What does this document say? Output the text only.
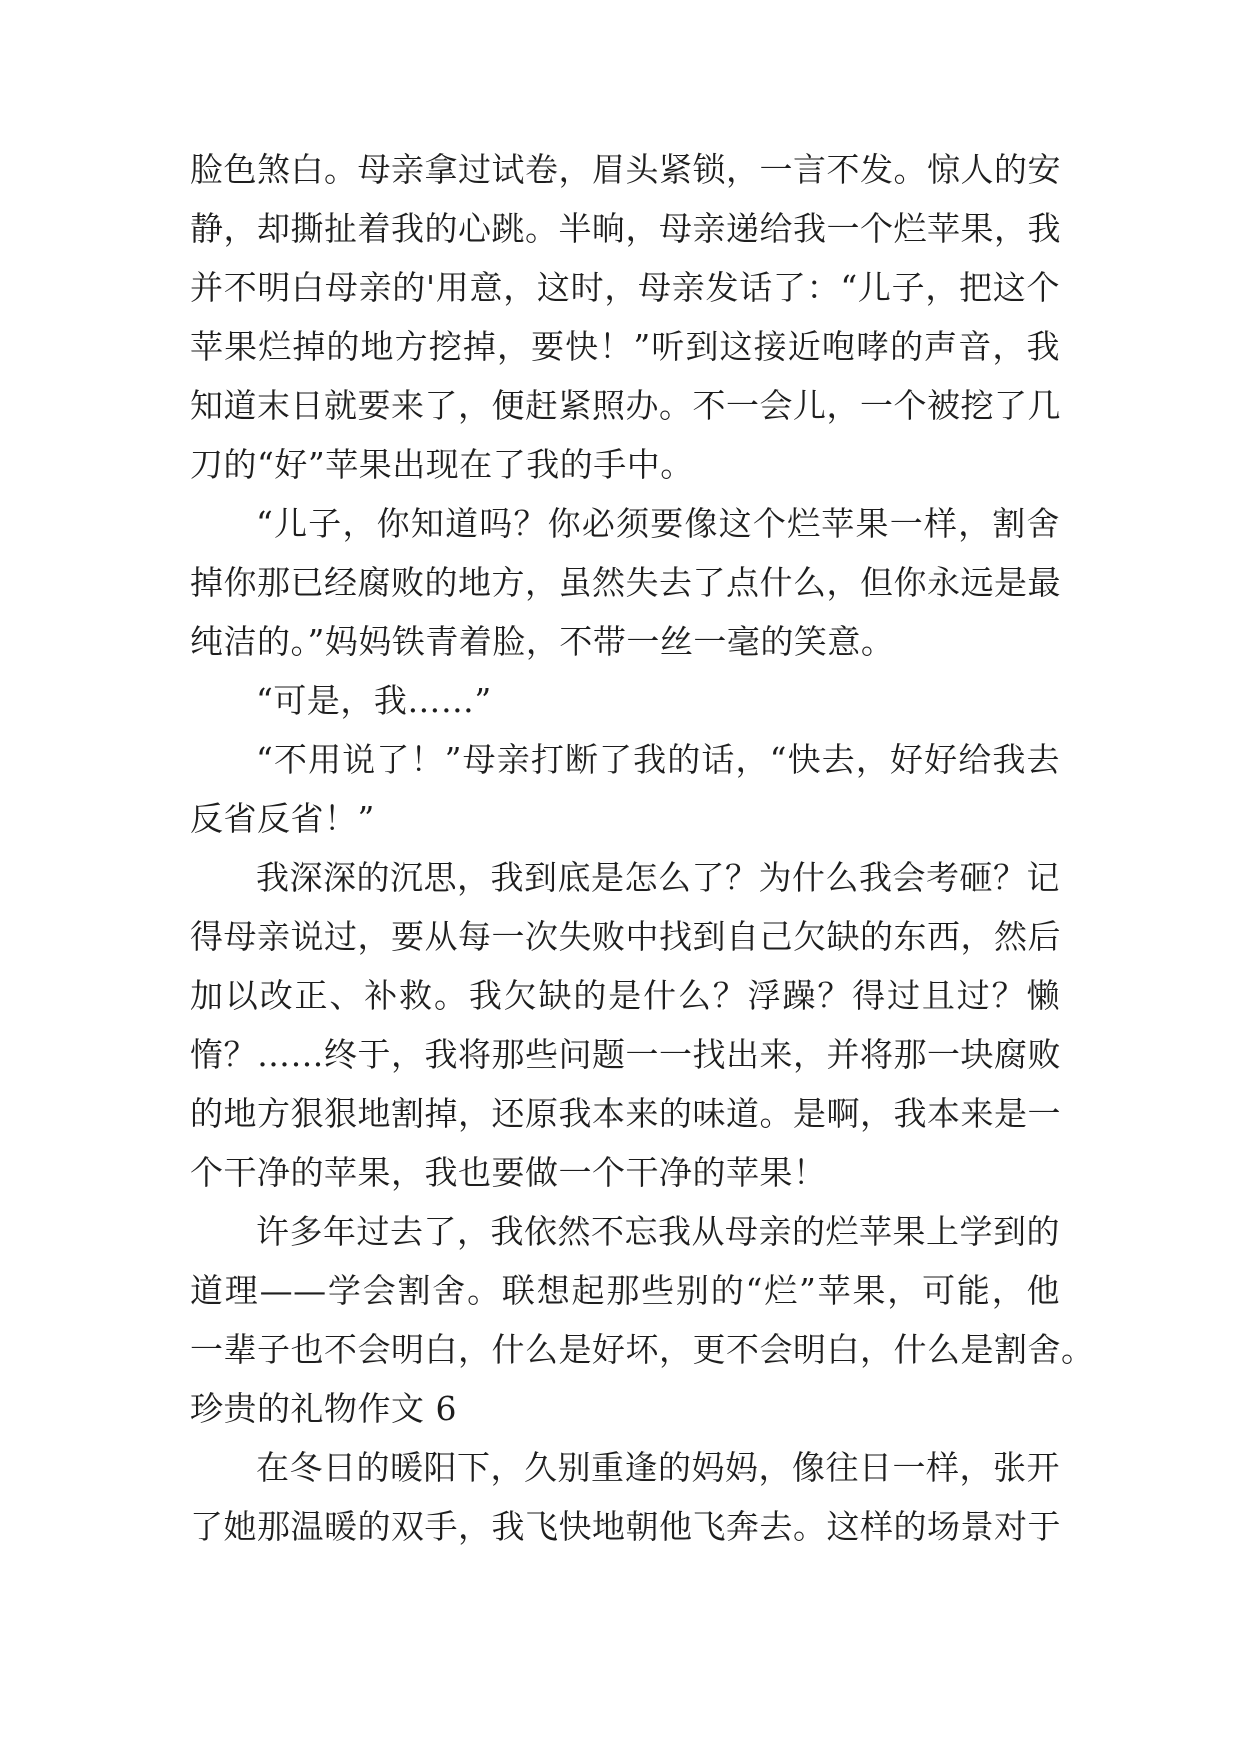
脸色煞白。母亲拿过试卷，眉头紧锁，一言不发。惊人的安
静，却撕扯着我的心跳。半晌，母亲递给我一个烂苹果，我
并不明白母亲的'用意，这时，母亲发话了：“儿子，把这个
苹果烂掉的地方挖掉，要快！”听到这接近咆哮的声音，我
知道末日就要来了，便赶紧照办。不一会儿，一个被挖了几
刀的“好”苹果出现在了我的手中。
“儿子，你知道吗？你必须要像这个烂苹果一样，割舍
掉你那已经腐败的地方，虽然失去了点什么，但你永远是最
纯洁的。”妈妈铁青着脸，不带一丝一毫的笑意。
“可是，我……”
“不用说了！”母亲打断了我的话，“快去，好好给我去
反省反省！”
我深深的沉思，我到底是怎么了？为什么我会考砸？记
得母亲说过，要从每一次失败中找到自己欠缺的东西，然后
加以改正、补救。我欠缺的是什么？浮躁？得过且过？懒
惰？……终于，我将那些问题一一找出来，并将那一块腐败
的地方狠狠地割掉，还原我本来的味道。是啊，我本来是一
个干净的苹果，我也要做一个干净的苹果！
许多年过去了，我依然不忘我从母亲的烂苹果上学到的
道理——学会割舍。联想起那些别的“烂”苹果，可能，他
一辈子也不会明白，什么是好坏，更不会明白，什么是割舍。
珍贵的礼物作文 6
在冬日的暖阳下，久别重逢的妈妈，像往日一样，张开
了她那温暖的双手，我飞快地朝他飞奔去。这样的场景对于
